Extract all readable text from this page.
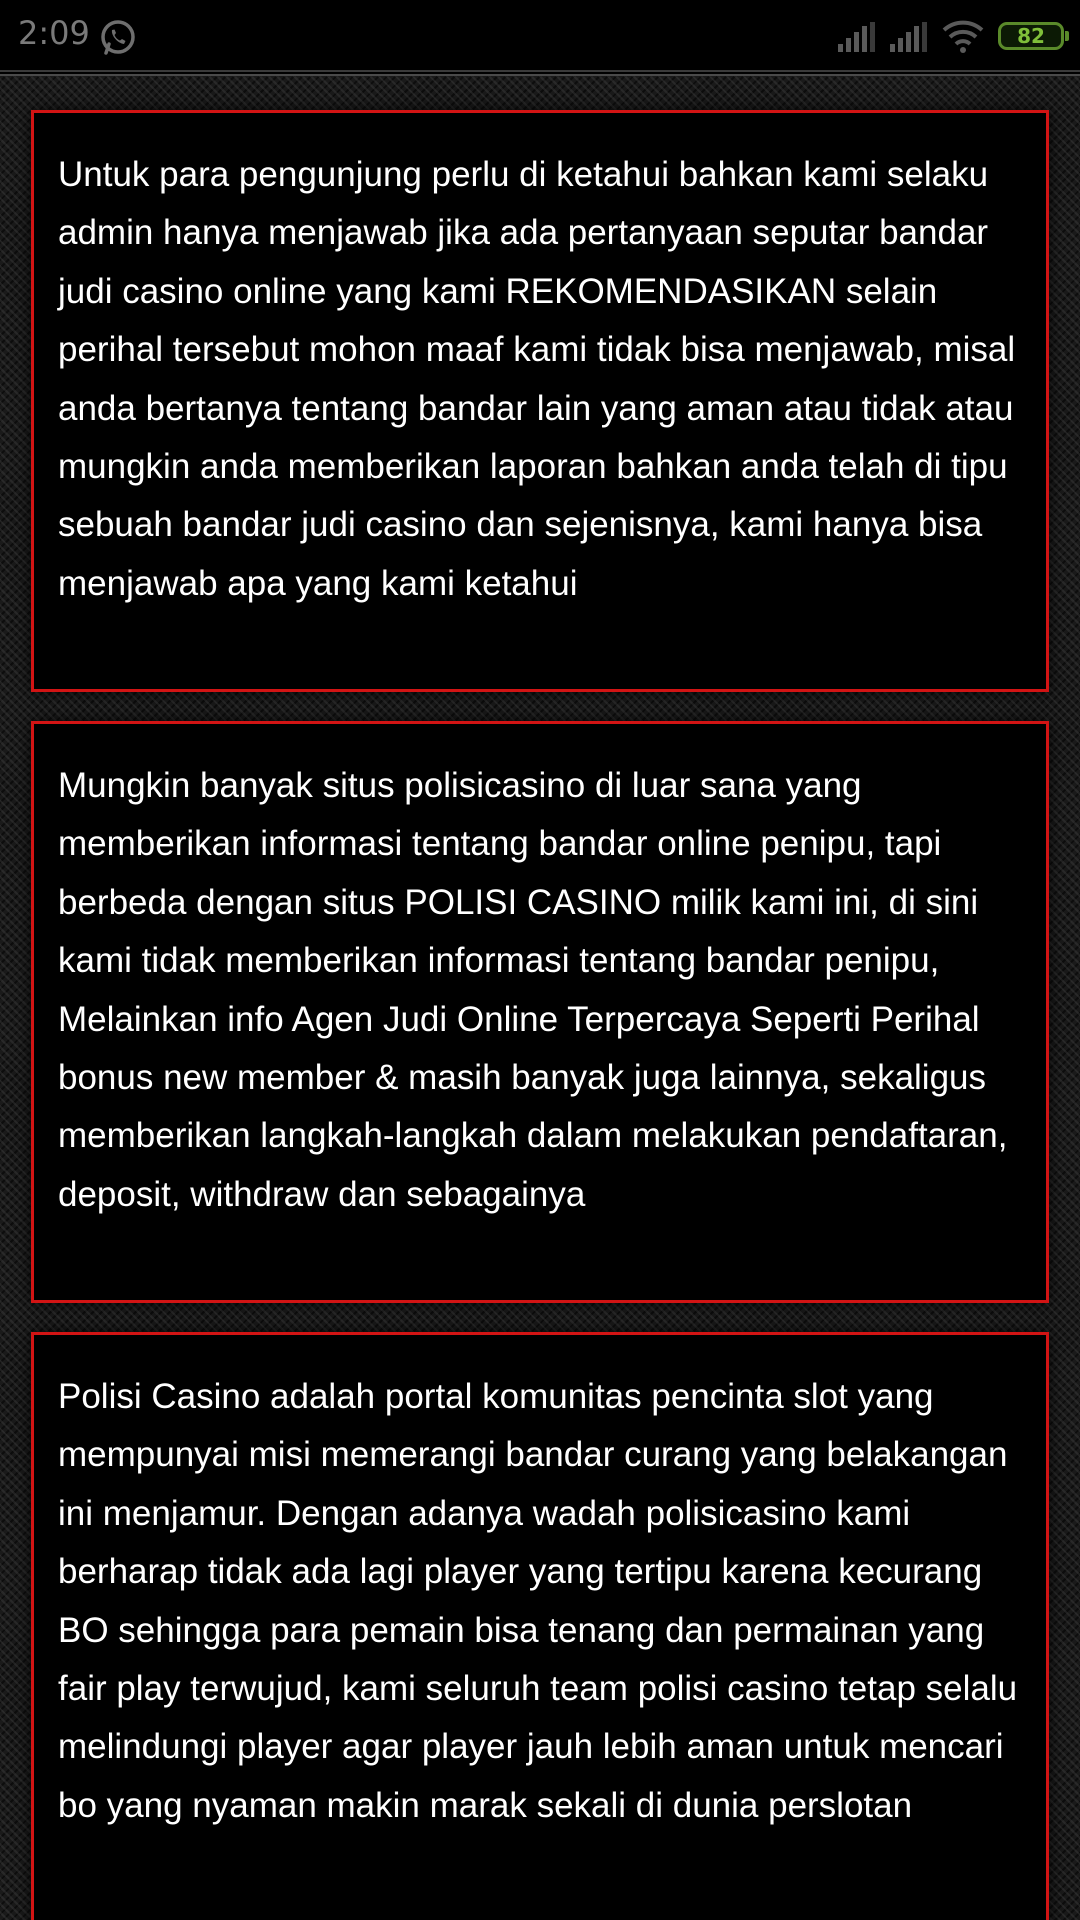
2:09	82

Untuk para pengunjung perlu di ketahui bahkan kami selaku admin hanya menjawab jika ada pertanyaan seputar bandar judi casino online yang kami REKOMENDASIKAN selain perihal tersebut mohon maaf kami tidak bisa menjawab, misal anda bertanya tentang bandar lain yang aman atau tidak atau mungkin anda memberikan laporan bahkan anda telah di tipu sebuah bandar judi casino dan sejenisnya, kami hanya bisa menjawab apa yang kami ketahui

Mungkin banyak situs polisicasino di luar sana yang memberikan informasi tentang bandar online penipu, tapi berbeda dengan situs POLISI CASINO milik kami ini, di sini kami tidak memberikan informasi tentang bandar penipu, Melainkan info Agen Judi Online Terpercaya Seperti Perihal bonus new member & masih banyak juga lainnya, sekaligus memberikan langkah-langkah dalam melakukan pendaftaran, deposit, withdraw dan sebagainya

Polisi Casino adalah portal komunitas pencinta slot yang mempunyai misi memerangi bandar curang yang belakangan ini menjamur. Dengan adanya wadah polisicasino kami berharap tidak ada lagi player yang tertipu karena kecurang BO sehingga para pemain bisa tenang dan permainan yang fair play terwujud, kami seluruh team polisi casino tetap selalu melindungi player agar player jauh lebih aman untuk mencari bo yang nyaman makin marak sekali di dunia perslotan
